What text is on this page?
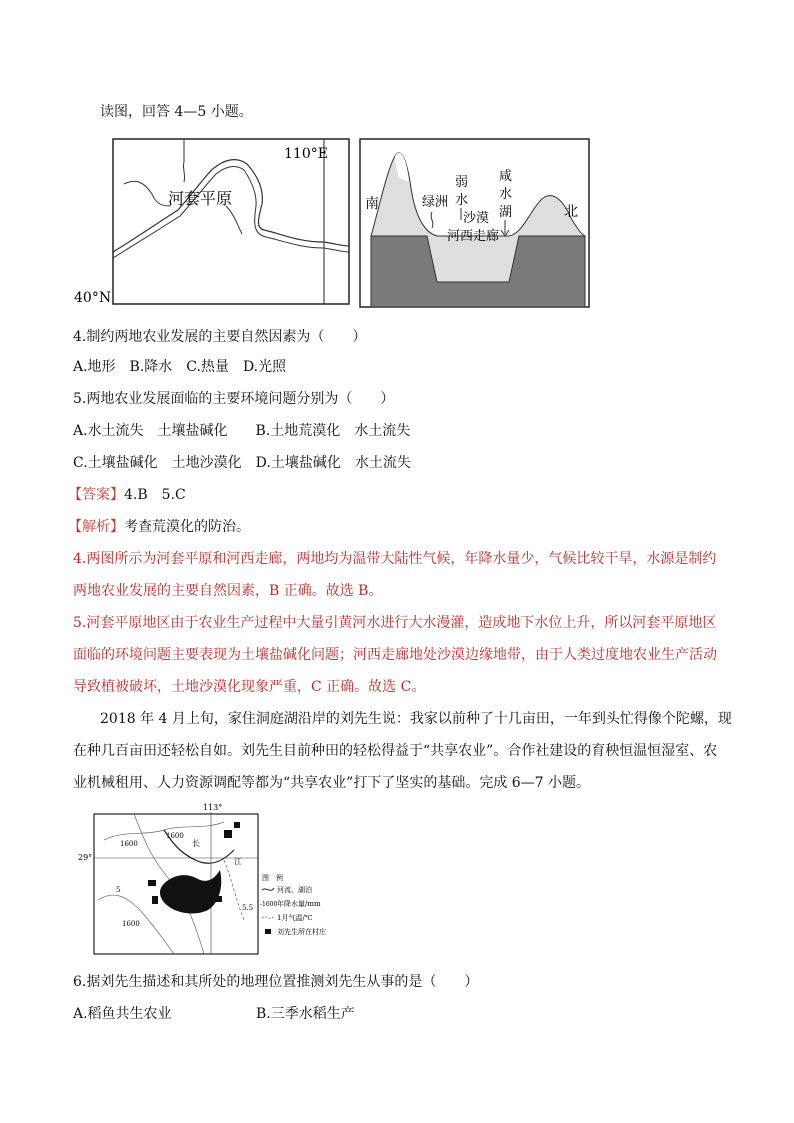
读图，回答 4—5 小题。
110°E
40°N
河套平原	南	北
绿洲
弱
水
沙漠
河西走廊
咸
水
湖
4.制约两地农业发展的主要自然因素为（　　）
A.地形　B.降水　C.热量　D.光照
5.两地农业发展面临的主要环境问题分别为（　　）
A.水土流失　土壤盐碱化　　B.土地荒漠化　水土流失
C.土壤盐碱化　土地沙漠化　D.土壤盐碱化　水土流失
【答案】4.B　5.C
【解析】考查荒漠化的防治。
4.两图所示为河套平原和河西走廊，两地均为温带大陆性气候，年降水量少，气候比较干旱，水源是制约
两地农业发展的主要自然因素，B 正确。故选 B。
5.河套平原地区由于农业生产过程中大量引黄河水进行大水漫灌，造成地下水位上升，所以河套平原地区
面临的环境问题主要表现为土壤盐碱化问题；河西走廊地处沙漠边缘地带，由于人类过度地农业生产活动
导致植被破坏，土地沙漠化现象严重，C 正确。故选 C。
2018 年 4 月上旬，家住洞庭湖沿岸的刘先生说：我家以前种了十几亩田，一年到头忙得像个陀螺，现
在种几百亩田还轻松自如。刘先生目前种田的轻松得益于“共享农业”。合作社建设的育秧恒温恒湿室、农
业机械租用、人力资源调配等都为“共享农业”打下了坚实的基础。完成 6—7 小题。
113°
29°
1600
1600
1600
5
5.5
长
江
图　例
河流、湖泊
-1600 年降水量/mm
1月气温/℃
刘先生所在村庄
6.据刘先生描述和其所处的地理位置推测刘先生从事的是（　　）
A.稻鱼共生农业	B.三季水稻生产
